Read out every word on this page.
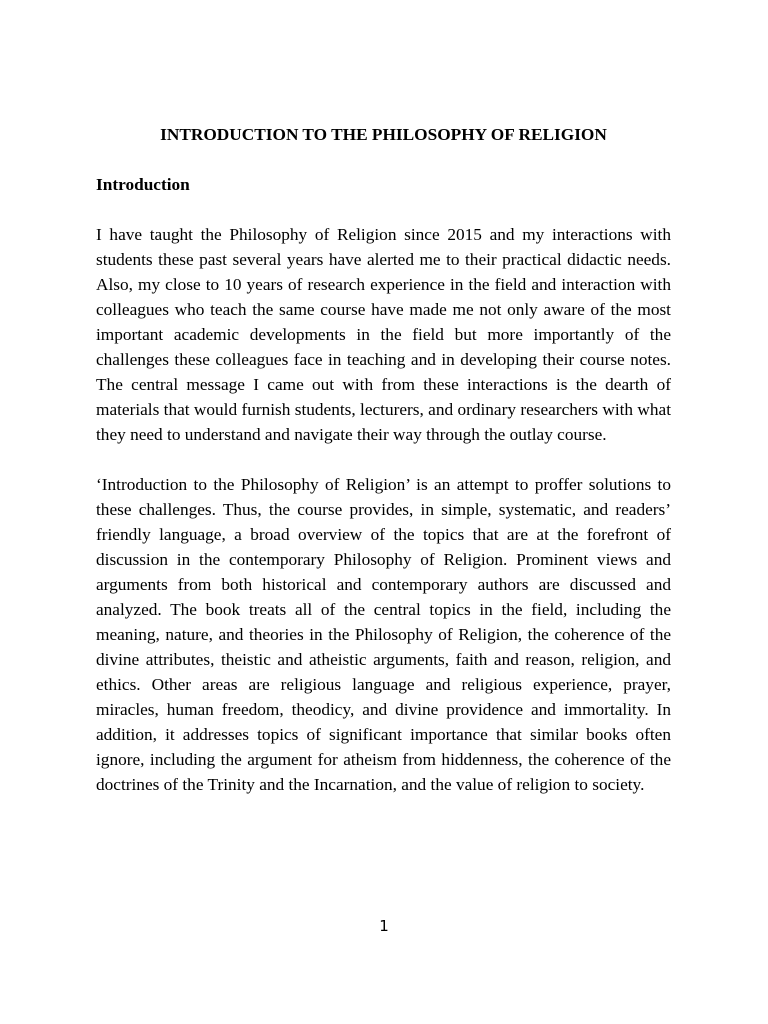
INTRODUCTION TO THE PHILOSOPHY OF RELIGION
Introduction

I have taught the Philosophy of Religion since 2015 and my interactions with students these past several years have alerted me to their practical didactic needs. Also, my close to 10 years of research experience in the field and interaction with colleagues who teach the same course have made me not only aware of the most important academic developments in the field but more importantly of the challenges these colleagues face in teaching and in developing their course notes. The central message I came out with from these interactions is the dearth of materials that would furnish students, lecturers, and ordinary researchers with what they need to understand and navigate their way through the outlay course.

‘Introduction to the Philosophy of Religion’ is an attempt to proffer solutions to these challenges. Thus, the course provides, in simple, systematic, and readers’ friendly language, a broad overview of the topics that are at the forefront of discussion in the contemporary Philosophy of Religion. Prominent views and arguments from both historical and contemporary authors are discussed and analyzed. The book treats all of the central topics in the field, including the meaning, nature, and theories in the Philosophy of Religion, the coherence of the divine attributes, theistic and atheistic arguments, faith and reason, religion, and ethics. Other areas are religious language and religious experience, prayer, miracles, human freedom, theodicy, and divine providence and immortality. In addition, it addresses topics of significant importance that similar books often ignore, including the argument for atheism from hiddenness, the coherence of the doctrines of the Trinity and the Incarnation, and the value of religion to society.

1
